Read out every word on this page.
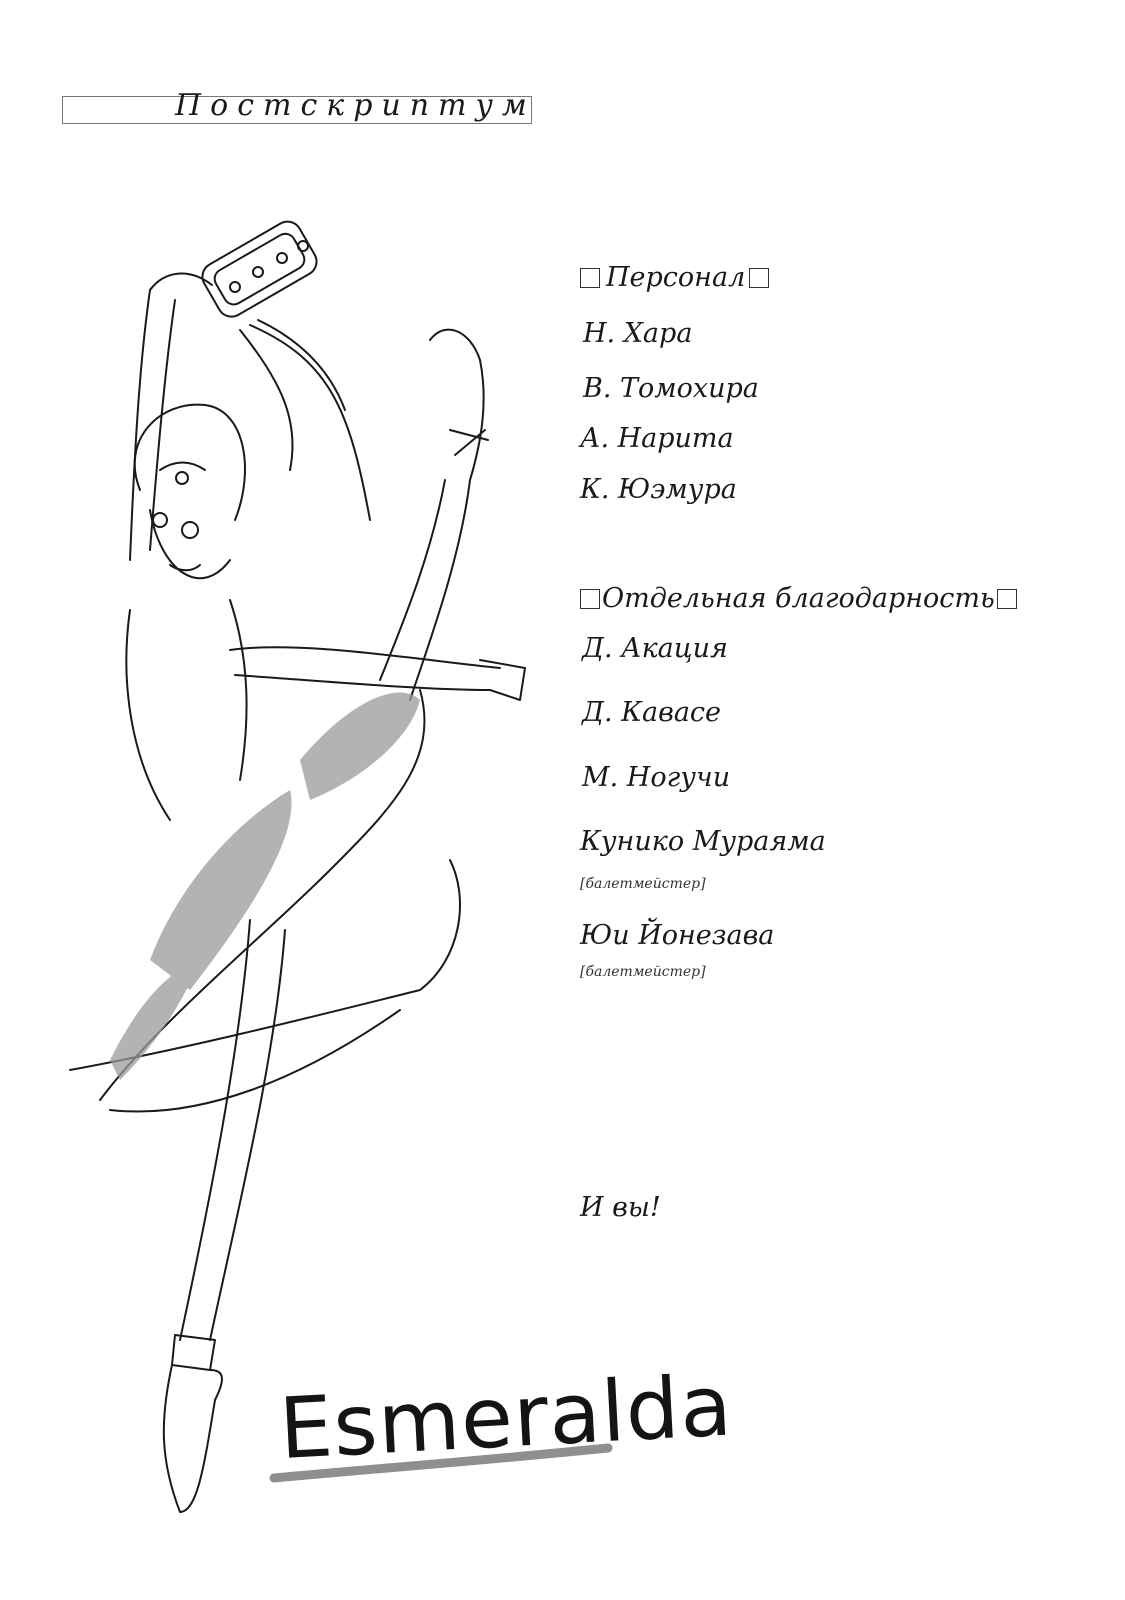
Постскриптум
Персонал
Н. Хара
В. Томохира
А. Нарита
К. Юэмура
Отдельная благодарность
Д. Акация
Д. Кавасе
М. Ногучи
Кунико Мураяма
[балетмейстер]
Юи Йонезава
[балетмейстер]
И вы!
Esmeralda
